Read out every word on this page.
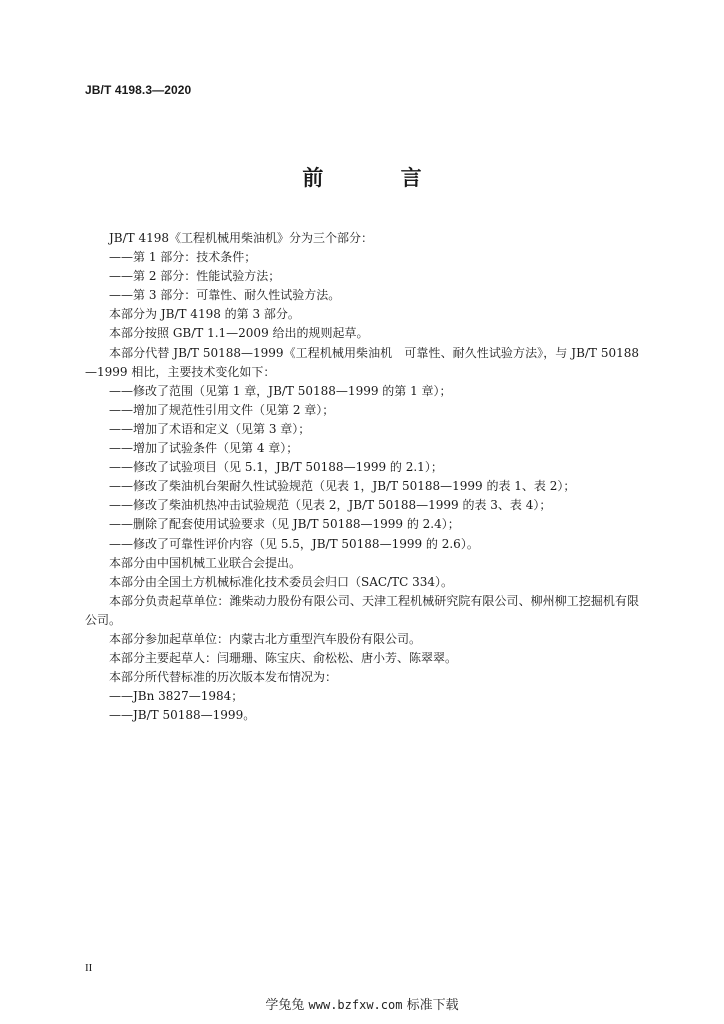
JB/T 4198.3—2020
前 言

JB/T 4198《工程机械用柴油机》分为三个部分：

——第 1 部分：技术条件；

——第 2 部分：性能试验方法；

——第 3 部分：可靠性、耐久性试验方法。

本部分为 JB/T 4198 的第 3 部分。

本部分按照 GB/T 1.1—2009 给出的规则起草。

本部分代替 JB/T 50188—1999《工程机械用柴油机　可靠性、耐久性试验方法》，与 JB/T 50188—1999 相比，主要技术变化如下：

——修改了范围（见第 1 章，JB/T 50188—1999 的第 1 章）；

——增加了规范性引用文件（见第 2 章）；

——增加了术语和定义（见第 3 章）；

——增加了试验条件（见第 4 章）；

——修改了试验项目（见 5.1，JB/T 50188—1999 的 2.1）；

——修改了柴油机台架耐久性试验规范（见表 1，JB/T 50188—1999 的表 1、表 2）；

——修改了柴油机热冲击试验规范（见表 2，JB/T 50188—1999 的表 3、表 4）；

——删除了配套使用试验要求（见 JB/T 50188—1999 的 2.4）；

——修改了可靠性评价内容（见 5.5，JB/T 50188—1999 的 2.6）。

本部分由中国机械工业联合会提出。

本部分由全国土方机械标准化技术委员会归口（SAC/TC 334）。

本部分负责起草单位：潍柴动力股份有限公司、天津工程机械研究院有限公司、柳州柳工挖掘机有限公司。

本部分参加起草单位：内蒙古北方重型汽车股份有限公司。

本部分主要起草人：闫珊珊、陈宝庆、俞松松、唐小芳、陈翠翠。

本部分所代替标准的历次版本发布情况为：

——JBn 3827—1984；

——JB/T 50188—1999。

II
学兔兔 www.bzfxw.com 标准下载
